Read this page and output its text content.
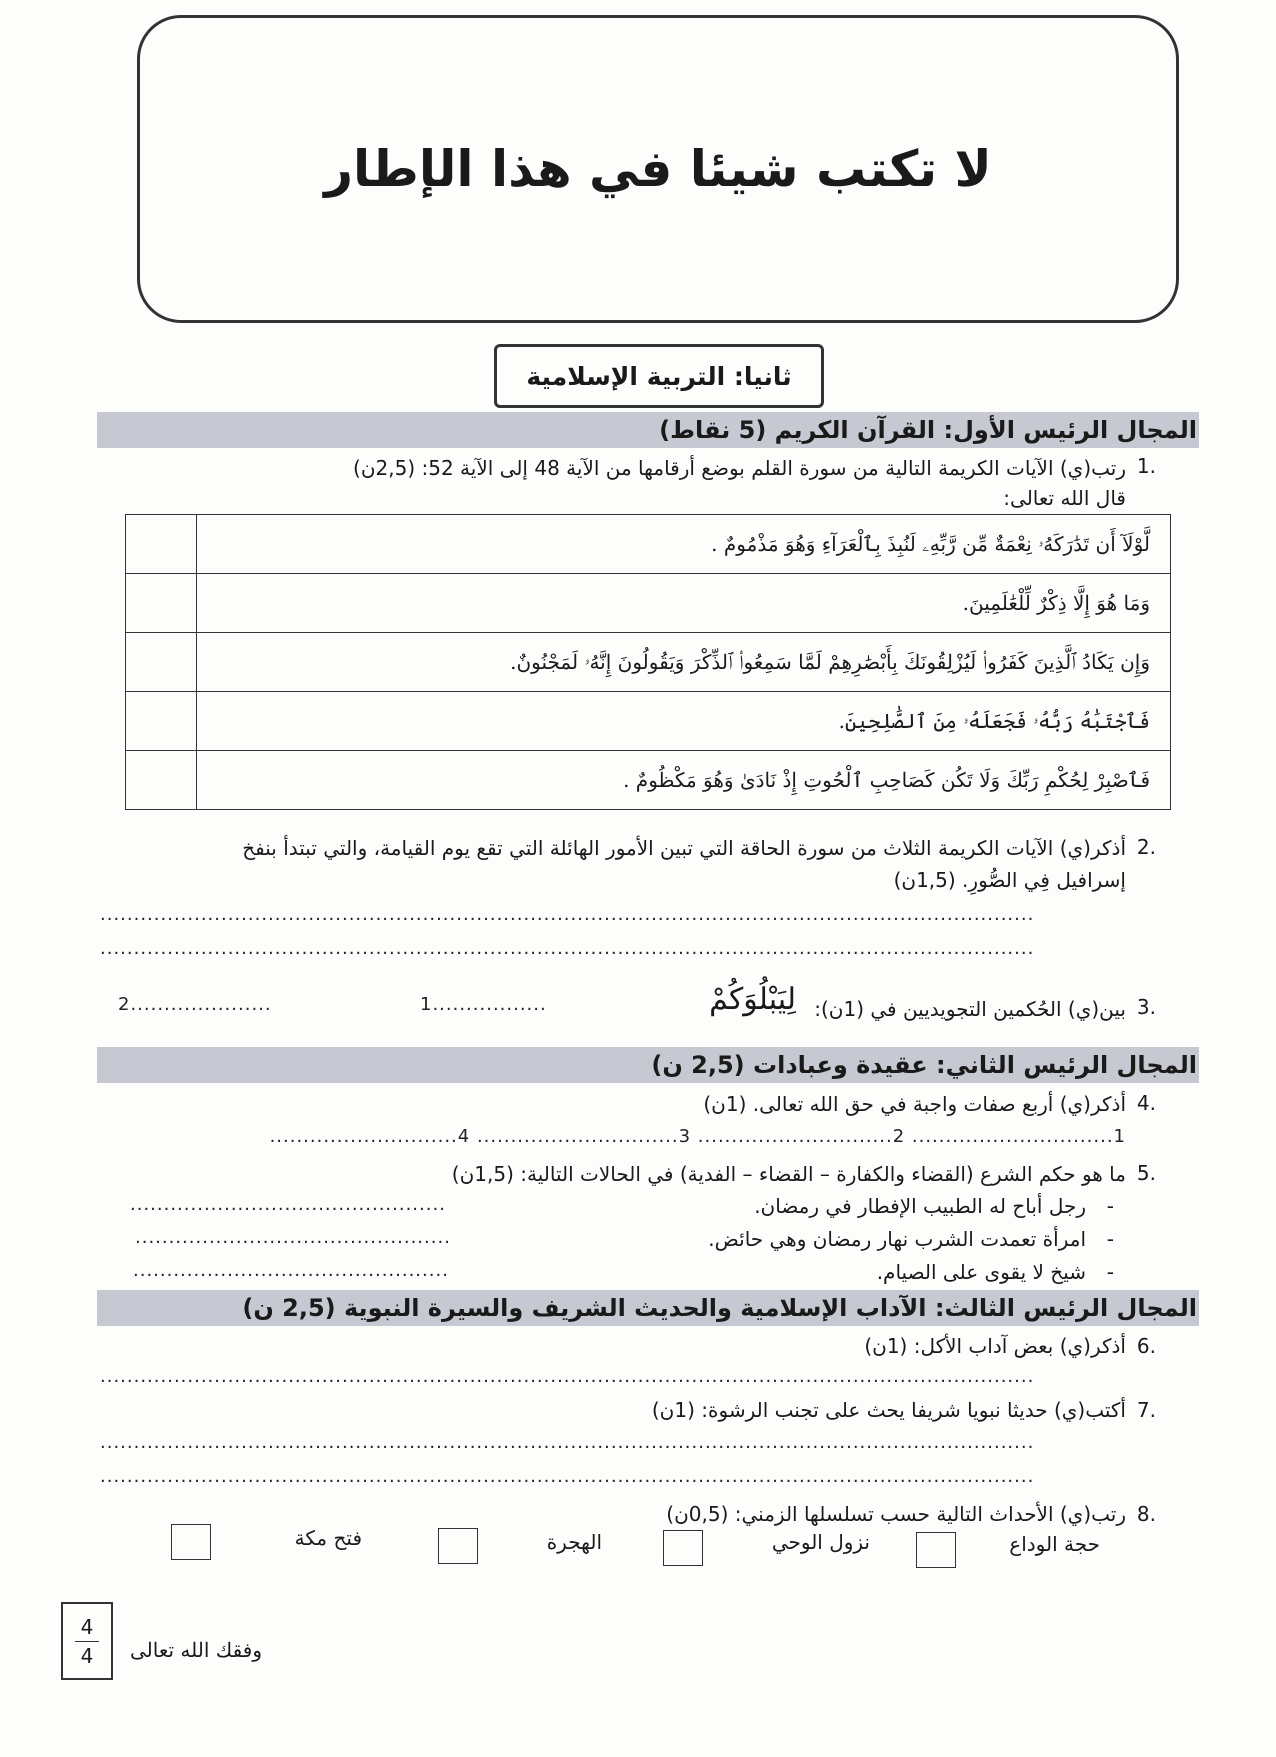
لا تكتب شيئا في هذا الإطار
ثانيا: التربية الإسلامية
المجال الرئيس الأول: القرآن الكريم (5 نقاط)
1.
رتب(ي) الآيات الكريمة التالية من سورة القلم بوضع أرقامها من الآية 48 إلى الآية 52: (2,5ن)
قال الله تعالى:
	لَّوْلَآ أَن تَدَٰرَكَهُۥ نِعْمَةٌ مِّن رَّبِّهِۦ لَنُبِذَ بِٱلْعَرَآءِ وَهُوَ مَذْمُومٌ .
	وَمَا هُوَ إِلَّا ذِكْرٌ لِّلْعَٰلَمِينَ.
	وَإِن يَكَادُ ٱلَّذِينَ كَفَرُوا۟ لَيُزْلِقُونَكَ بِأَبْصَٰرِهِمْ لَمَّا سَمِعُوا۟ ٱلذِّكْرَ وَيَقُولُونَ إِنَّهُۥ لَمَجْنُونٌ.
	فَٱجْتَبَٰهُ رَبُّهُۥ فَجَعَلَهُۥ مِنَ ٱلصَّٰلِحِينَ.
	فَٱصْبِرْ لِحُكْمِ رَبِّكَ وَلَا تَكُن كَصَاحِبِ ٱلْحُوتِ إِذْ نَادَىٰ وَهُوَ مَكْظُومٌ .
2.
أذكر(ي) الآيات الكريمة الثلاث من سورة الحاقة التي تبين الأمور الهائلة التي تقع يوم القيامة، والتي تبتدأ بنفخ
إسرافيل فِي الصُّورِ. (1,5ن)
...........................................................................................................................................
...........................................................................................................................................
3.
بين(ي) الحُكمين التجويديين في (1ن):
لِيَبْلُوَكُمْ
1.................
2.....................
المجال الرئيس الثاني: عقيدة وعبادات (2,5 ن)
4.
أذكر(ي) أربع صفات واجبة في حق الله تعالى. (1ن)
1.............................. 2............................. 3.............................. 4............................
5.
ما هو حكم الشرع (القضاء والكفارة – القضاء – الفدية) في الحالات التالية: (1,5ن)
-
رجل أباح له الطبيب الإفطار في رمضان.
...............................................
-
امرأة تعمدت الشرب نهار رمضان وهي حائض.
...............................................
-
شيخ لا يقوى على الصيام.
...............................................
المجال الرئيس الثالث: الآداب الإسلامية والحديث الشريف والسيرة النبوية (2,5 ن)
6.
أذكر(ي) بعض آداب الأكل: (1ن)
...........................................................................................................................................
7.
أكتب(ي) حديثا نبويا شريفا يحث على تجنب الرشوة: (1ن)
...........................................................................................................................................
...........................................................................................................................................
8.
رتب(ي) الأحداث التالية حسب تسلسلها الزمني: (0,5ن)
حجة الوداع
نزول الوحي
الهجرة
فتح مكة
4
4 وفقك الله تعالى
